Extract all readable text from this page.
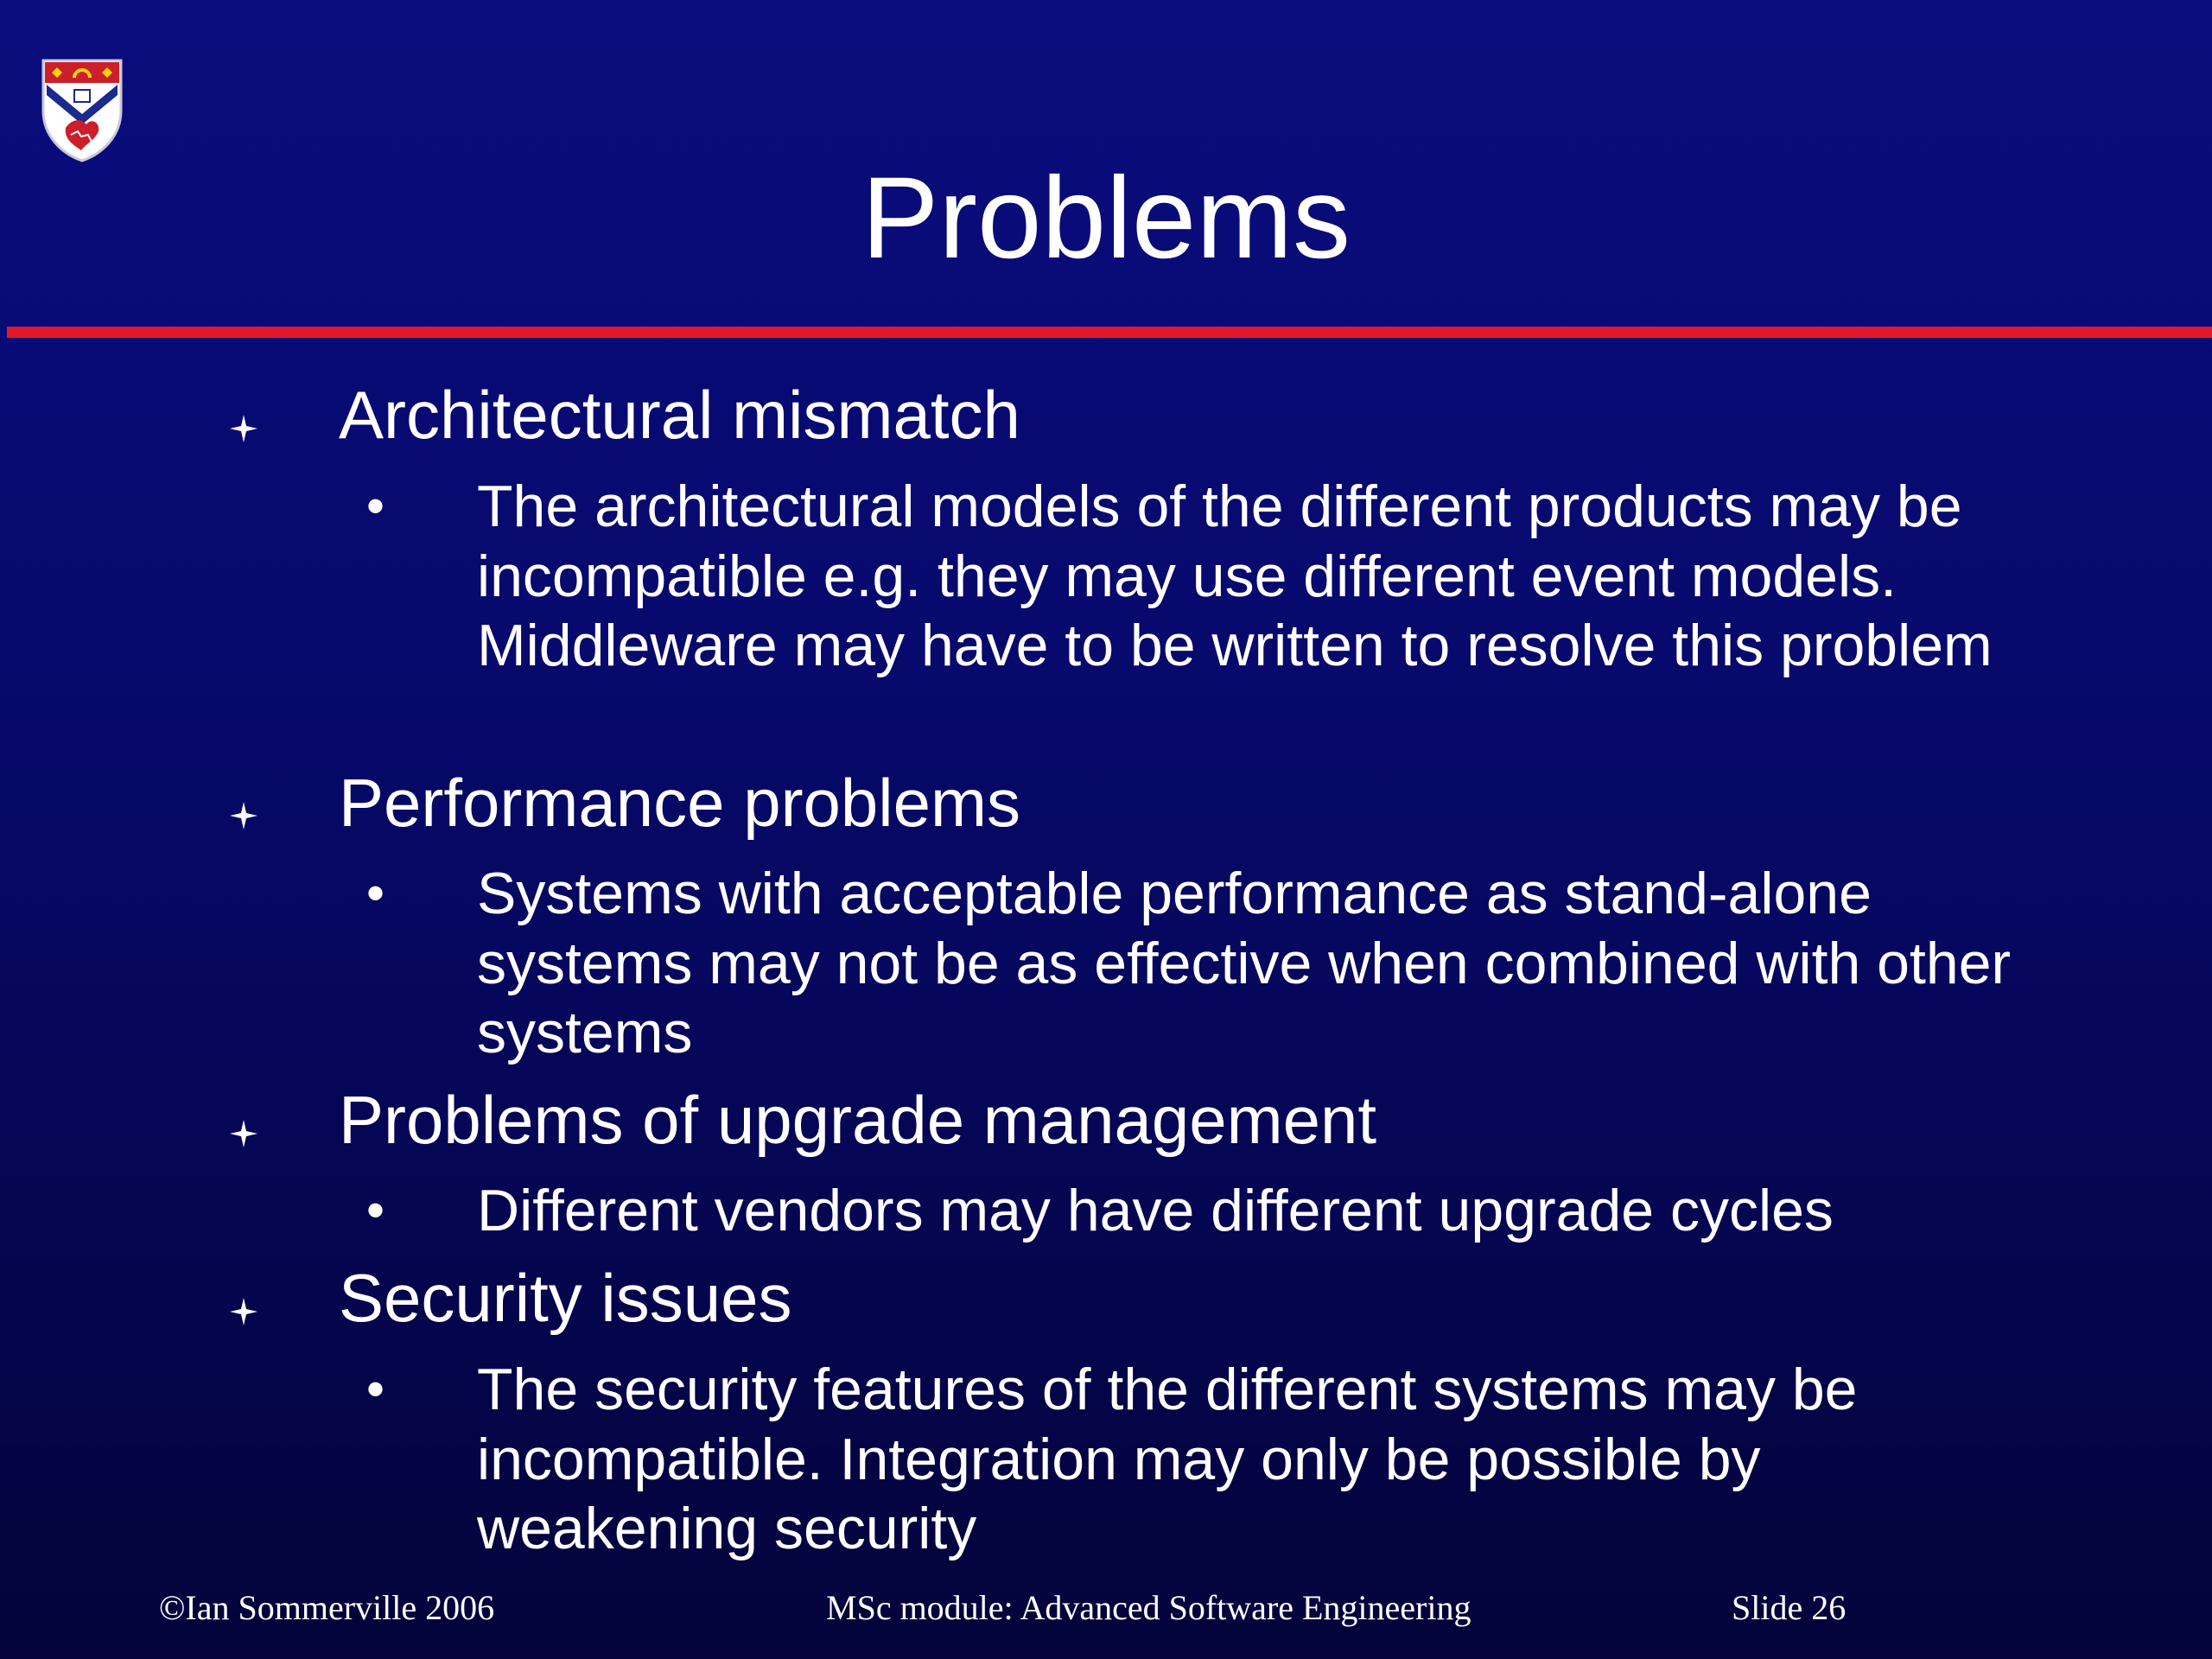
Problems
Architectural mismatch
• The architectural models of the different products may be incompatible e.g. they may use different event models. Middleware may have to be written to resolve this problem
Performance problems
• Systems with acceptable performance as stand-alone systems may not be as effective when combined with other systems
Problems of upgrade management
• Different vendors may have different upgrade cycles
Security issues
• The security features of the different systems may be incompatible. Integration may only be possible by weakening security
©Ian Sommerville 2006	MSc module: Advanced Software Engineering	Slide 26
